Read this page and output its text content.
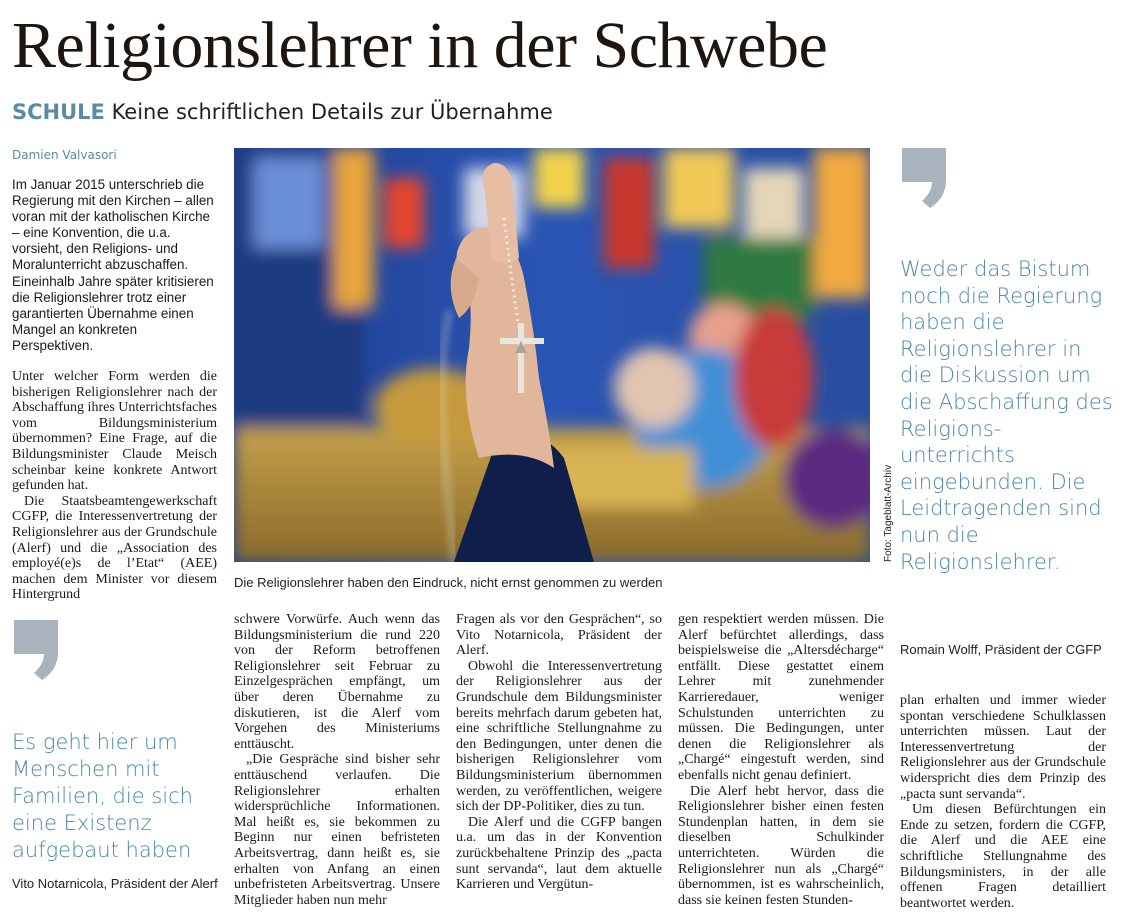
Religionslehrer in der Schwebe
SCHULE Keine schriftlichen Details zur Übernahme
Damien Valvasori
Im Januar 2015 unterschrieb die Regierung mit den Kirchen – allen voran mit der katholischen Kirche – eine Konvention, die u.a. vorsieht, den Religions- und Moralunterricht abzuschaffen. Eineinhalb Jahre später kritisieren die Religionslehrer trotz einer garantierten Übernahme einen Mangel an konkreten Perspektiven.

Unter welcher Form werden die bisherigen Religionslehrer nach der Abschaffung ihres Unterrichtsfaches vom Bildungsministerium übernommen? Eine Frage, auf die Bildungsminister Claude Meisch scheinbar keine konkrete Antwort gefunden hat.

Die Staatsbeamtengewerkschaft CGFP, die Interessenvertretung der Religionslehrer aus der Grundschule (Alerf) und die „Association des employé(e)s de l’Etat“ (AEE) machen dem Minister vor diesem Hintergrund

Foto: Tageblatt-Archiv
Die Religionslehrer haben den Eindruck, nicht ernst genommen zu werden
Weder das Bistum noch die Regierung haben die Religionslehrer in die Diskussion um die Abschaffung des Religions-unterrichts eingebunden. Die Leidtragenden sind nun die Religionslehrer.
Romain Wolff, Präsident der CGFP
Es geht hier um Menschen mit Familien, die sich eine Existenz aufgebaut haben
Vito Notarnicola, Präsident der Alerf

schwere Vorwürfe. Auch wenn das Bildungsministerium die rund 220 von der Reform betroffenen Religionslehrer seit Februar zu Einzelgesprächen empfängt, um über deren Übernahme zu diskutieren, ist die Alerf vom Vorgehen des Ministeriums enttäuscht.

„Die Gespräche sind bisher sehr enttäuschend verlaufen. Die Religionslehrer erhalten widersprüchliche Informationen. Mal heißt es, sie bekommen zu Beginn nur einen befristeten Arbeitsvertrag, dann heißt es, sie erhalten von Anfang an einen unbefristeten Arbeitsvertrag. Unsere Mitglieder haben nun mehr

Fragen als vor den Gesprächen“, so Vito Notarnicola, Präsident der Alerf.

Obwohl die Interessenvertretung der Religionslehrer aus der Grundschule dem Bildungsminister bereits mehrfach darum gebeten hat, eine schriftliche Stellungnahme zu den Bedingungen, unter denen die bisherigen Religionslehrer vom Bildungsministerium übernommen werden, zu veröffentlichen, weigere sich der DP-Politiker, dies zu tun.

Die Alerf und die CGFP bangen u.a. um das in der Konvention zurückbehaltene Prinzip des „pacta sunt servanda“, laut dem aktuelle Karrieren und Vergütun-

gen respektiert werden müssen. Die Alerf befürchtet allerdings, dass beispielsweise die „Altersdécharge“ entfällt. Diese gestattet einem Lehrer mit zunehmender Karrieredauer, weniger Schulstunden unterrichten zu müssen. Die Bedingungen, unter denen die Religionslehrer als „Chargé“ eingestuft werden, sind ebenfalls nicht genau definiert.

Die Alerf hebt hervor, dass die Religionslehrer bisher einen festen Stundenplan hatten, in dem sie dieselben Schulkinder unterrichteten. Würden die Religionslehrer nun als „Chargé“ übernommen, ist es wahrscheinlich, dass sie keinen festen Stunden-

plan erhalten und immer wieder spontan verschiedene Schulklassen unterrichten müssen. Laut der Interessenvertretung der Religionslehrer aus der Grundschule widerspricht dies dem Prinzip des „pacta sunt servanda“.

Um diesen Befürchtungen ein Ende zu setzen, fordern die CGFP, die Alerf und die AEE eine schriftliche Stellungnahme des Bildungsministers, in der alle offenen Fragen detailliert beantwortet werden.
